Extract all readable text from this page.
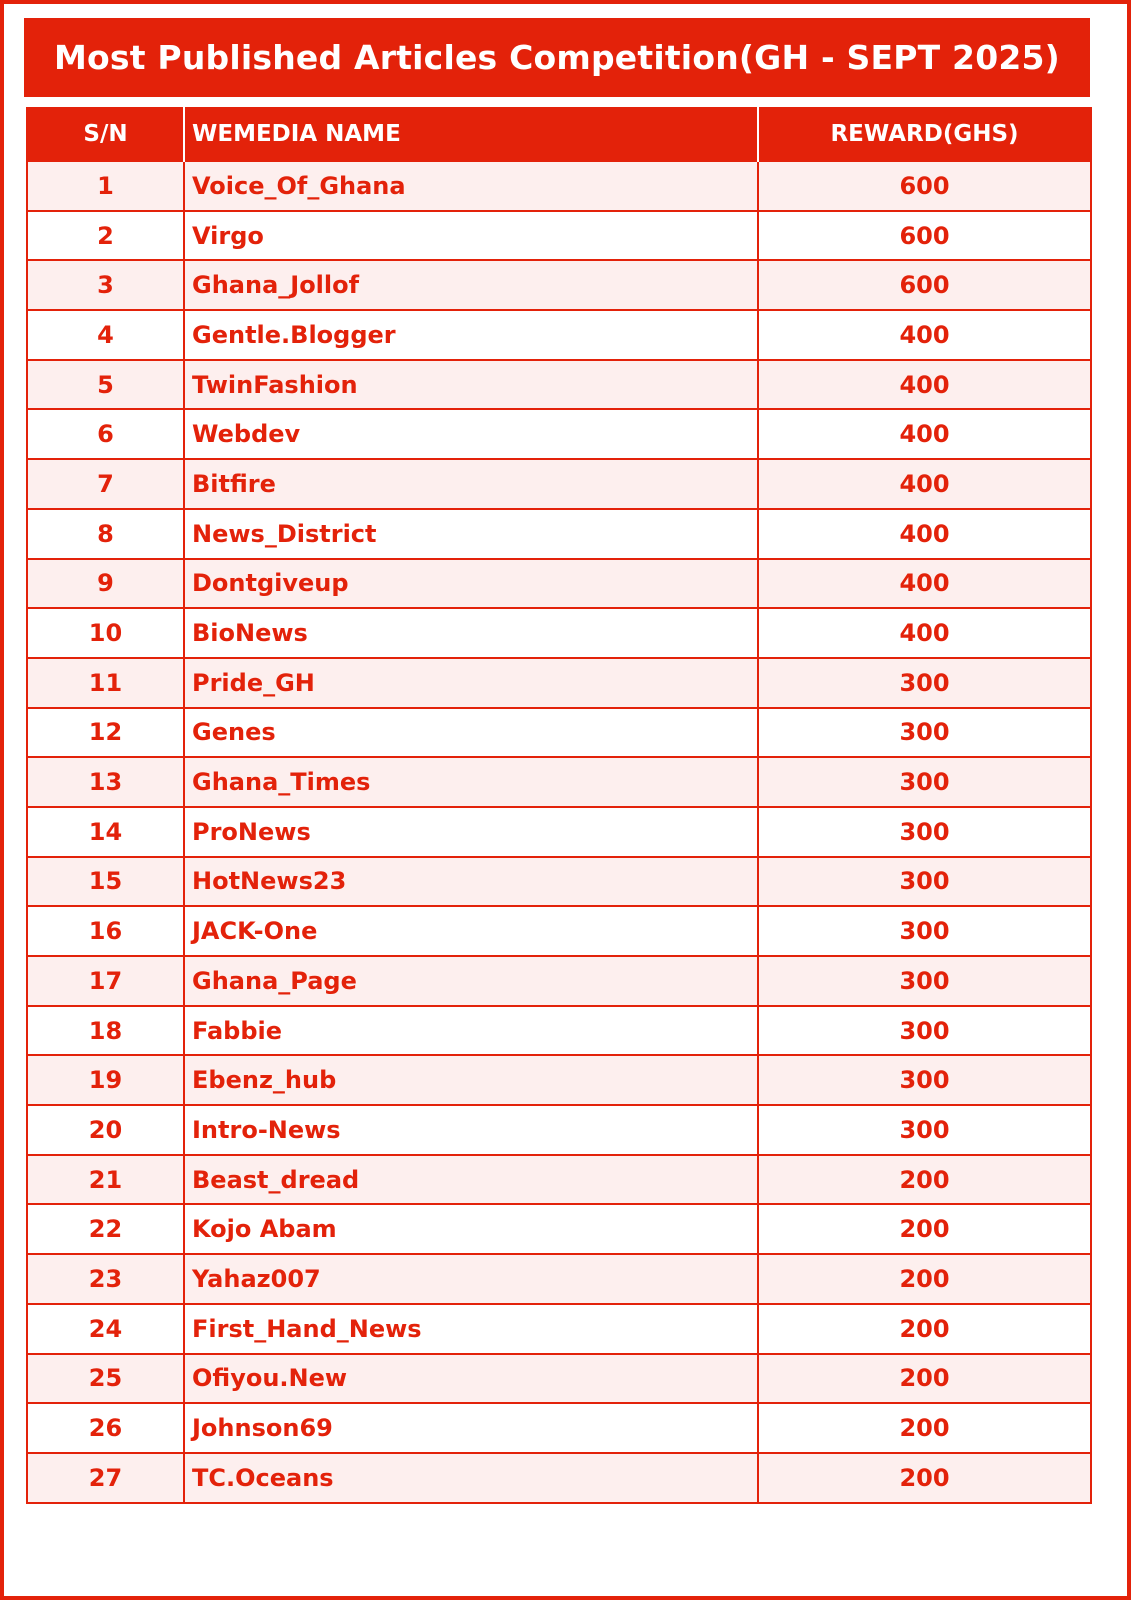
Most Published Articles Competition(GH - SEPT 2025)
S/N	WEMEDIA NAME	REWARD(GHS)
1	Voice_Of_Ghana	600
2	Virgo	600
3	Ghana_Jollof	600
4	Gentle.Blogger	400
5	TwinFashion	400
6	Webdev	400
7	Bitfire	400
8	News_District	400
9	Dontgiveup	400
10	BioNews	400
11	Pride_GH	300
12	Genes	300
13	Ghana_Times	300
14	ProNews	300
15	HotNews23	300
16	JACK-One	300
17	Ghana_Page	300
18	Fabbie	300
19	Ebenz_hub	300
20	Intro-News	300
21	Beast_dread	200
22	Kojo Abam	200
23	Yahaz007	200
24	First_Hand_News	200
25	Ofiyou.New	200
26	Johnson69	200
27	TC.Oceans	200
